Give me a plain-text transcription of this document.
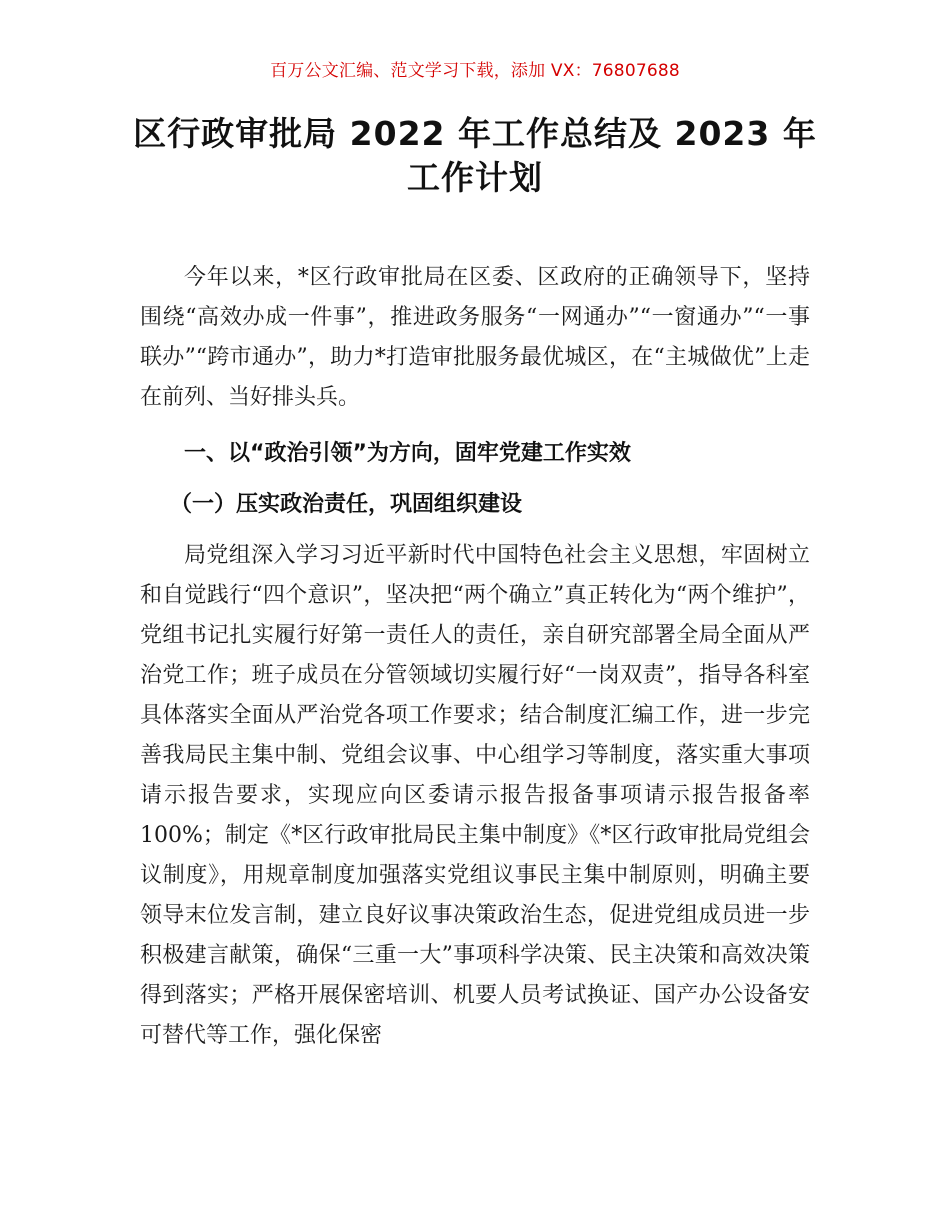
百万公文汇编、范文学习下载，添加 VX：76807688
区行政审批局 2022 年工作总结及 2023 年工作计划
今年以来，*区行政审批局在区委、区政府的正确领导下，坚持围绕“高效办成一件事”，推进政务服务“一网通办”“一窗通办”“一事联办”“跨市通办”，助力*打造审批服务最优城区，在“主城做优”上走在前列、当好排头兵。
一、以“政治引领”为方向，固牢党建工作实效
（一）压实政治责任，巩固组织建设
局党组深入学习习近平新时代中国特色社会主义思想，牢固树立和自觉践行“四个意识”，坚决把“两个确立”真正转化为“两个维护”，党组书记扎实履行好第一责任人的责任，亲自研究部署全局全面从严治党工作；班子成员在分管领域切实履行好“一岗双责”，指导各科室具体落实全面从严治党各项工作要求；结合制度汇编工作，进一步完善我局民主集中制、党组会议事、中心组学习等制度，落实重大事项请示报告要求，实现应向区委请示报告报备事项请示报告报备率100%；制定《*区行政审批局民主集中制度》《*区行政审批局党组会议制度》，用规章制度加强落实党组议事民主集中制原则，明确主要领导末位发言制，建立良好议事决策政治生态，促进党组成员进一步积极建言献策，确保“三重一大”事项科学决策、民主决策和高效决策得到落实；严格开展保密培训、机要人员考试换证、国产办公设备安可替代等工作，强化保密
